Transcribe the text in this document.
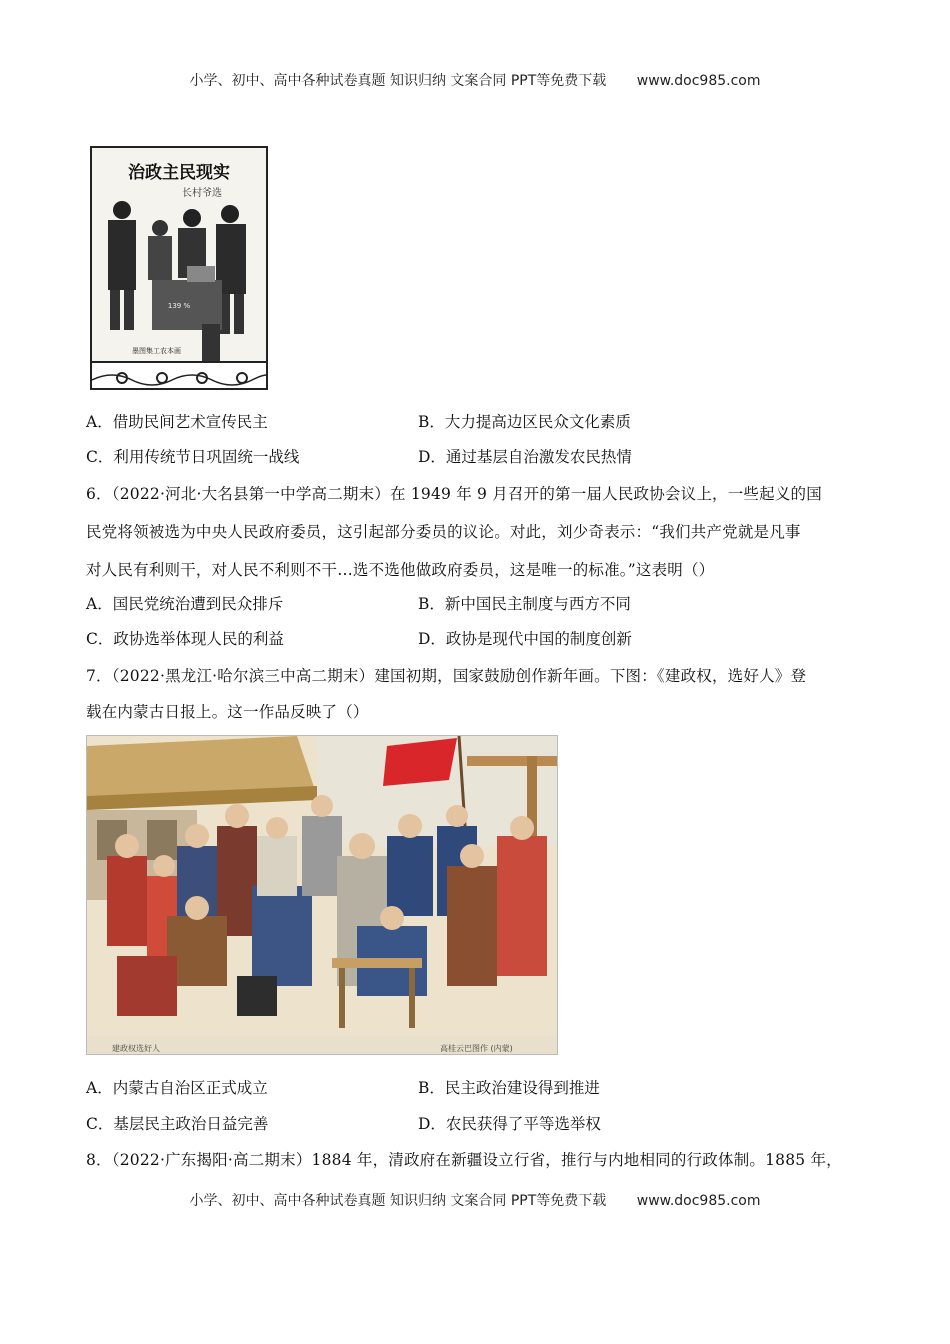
小学、初中、高中各种试卷真题 知识归纳 文案合同 PPT等免费下载 www.doc985.com
治政主民现实
长村爷选
139 %
墨图集工农本画
A．借助民间艺术宣传民主	B．大力提高边区民众文化素质
C．利用传统节日巩固统一战线	D．通过基层自治激发农民热情
6．（2022·河北·大名县第一中学高二期末）在 1949 年 9 月召开的第一届人民政协会议上，一些起义的国
民党将领被选为中央人民政府委员，这引起部分委员的议论。对此，刘少奇表示：“我们共产党就是凡事
对人民有利则干，对人民不利则不干…选不选他做政府委员，这是唯一的标准。”这表明（）
A．国民党统治遭到民众排斥	B．新中国民主制度与西方不同
C．政协选举体现人民的利益	D．政协是现代中国的制度创新
7．（2022·黑龙江·哈尔滨三中高二期末）建国初期，国家鼓励创作新年画。下图：《建政权，选好人》登
载在内蒙古日报上。这一作品反映了（）
建政权选好人	高桂云巴图作 (内蒙)
A．内蒙古自治区正式成立	B．民主政治建设得到推进
C．基层民主政治日益完善	D．农民获得了平等选举权
8．（2022·广东揭阳·高二期末）1884 年，清政府在新疆设立行省，推行与内地相同的行政体制。1885 年，
小学、初中、高中各种试卷真题 知识归纳 文案合同 PPT等免费下载 www.doc985.com
